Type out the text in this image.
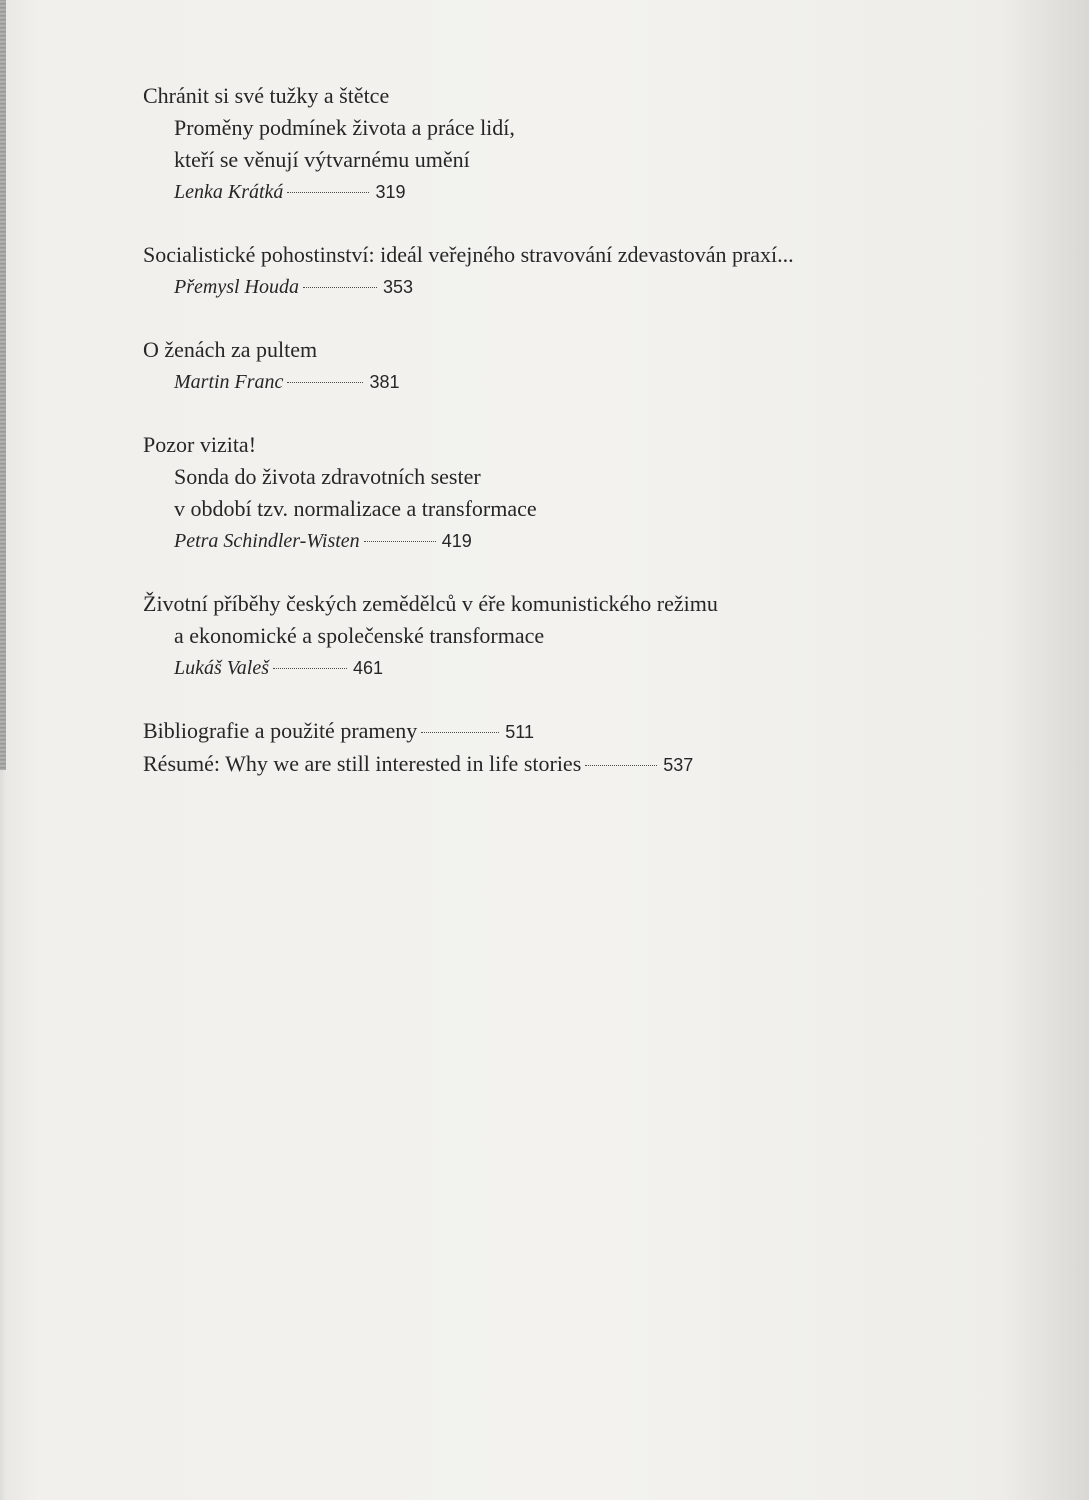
Chránit si své tužky a štětce
Proměny podmínek života a práce lidí,
kteří se věnují výtvarnému umění
Lenka Krátká	319
Socialistické pohostinství: ideál veřejného stravování zdevastován praxí...
Přemysl Houda	353
O ženách za pultem
Martin Franc	381
Pozor vizita!
Sonda do života zdravotních sester
v období tzv. normalizace a transformace
Petra Schindler-Wisten	419
Životní příběhy českých zemědělců v éře komunistického režimu
a ekonomické a společenské transformace
Lukáš Valeš	461
Bibliografie a použité prameny	511
Résumé: Why we are still interested in life stories	537
